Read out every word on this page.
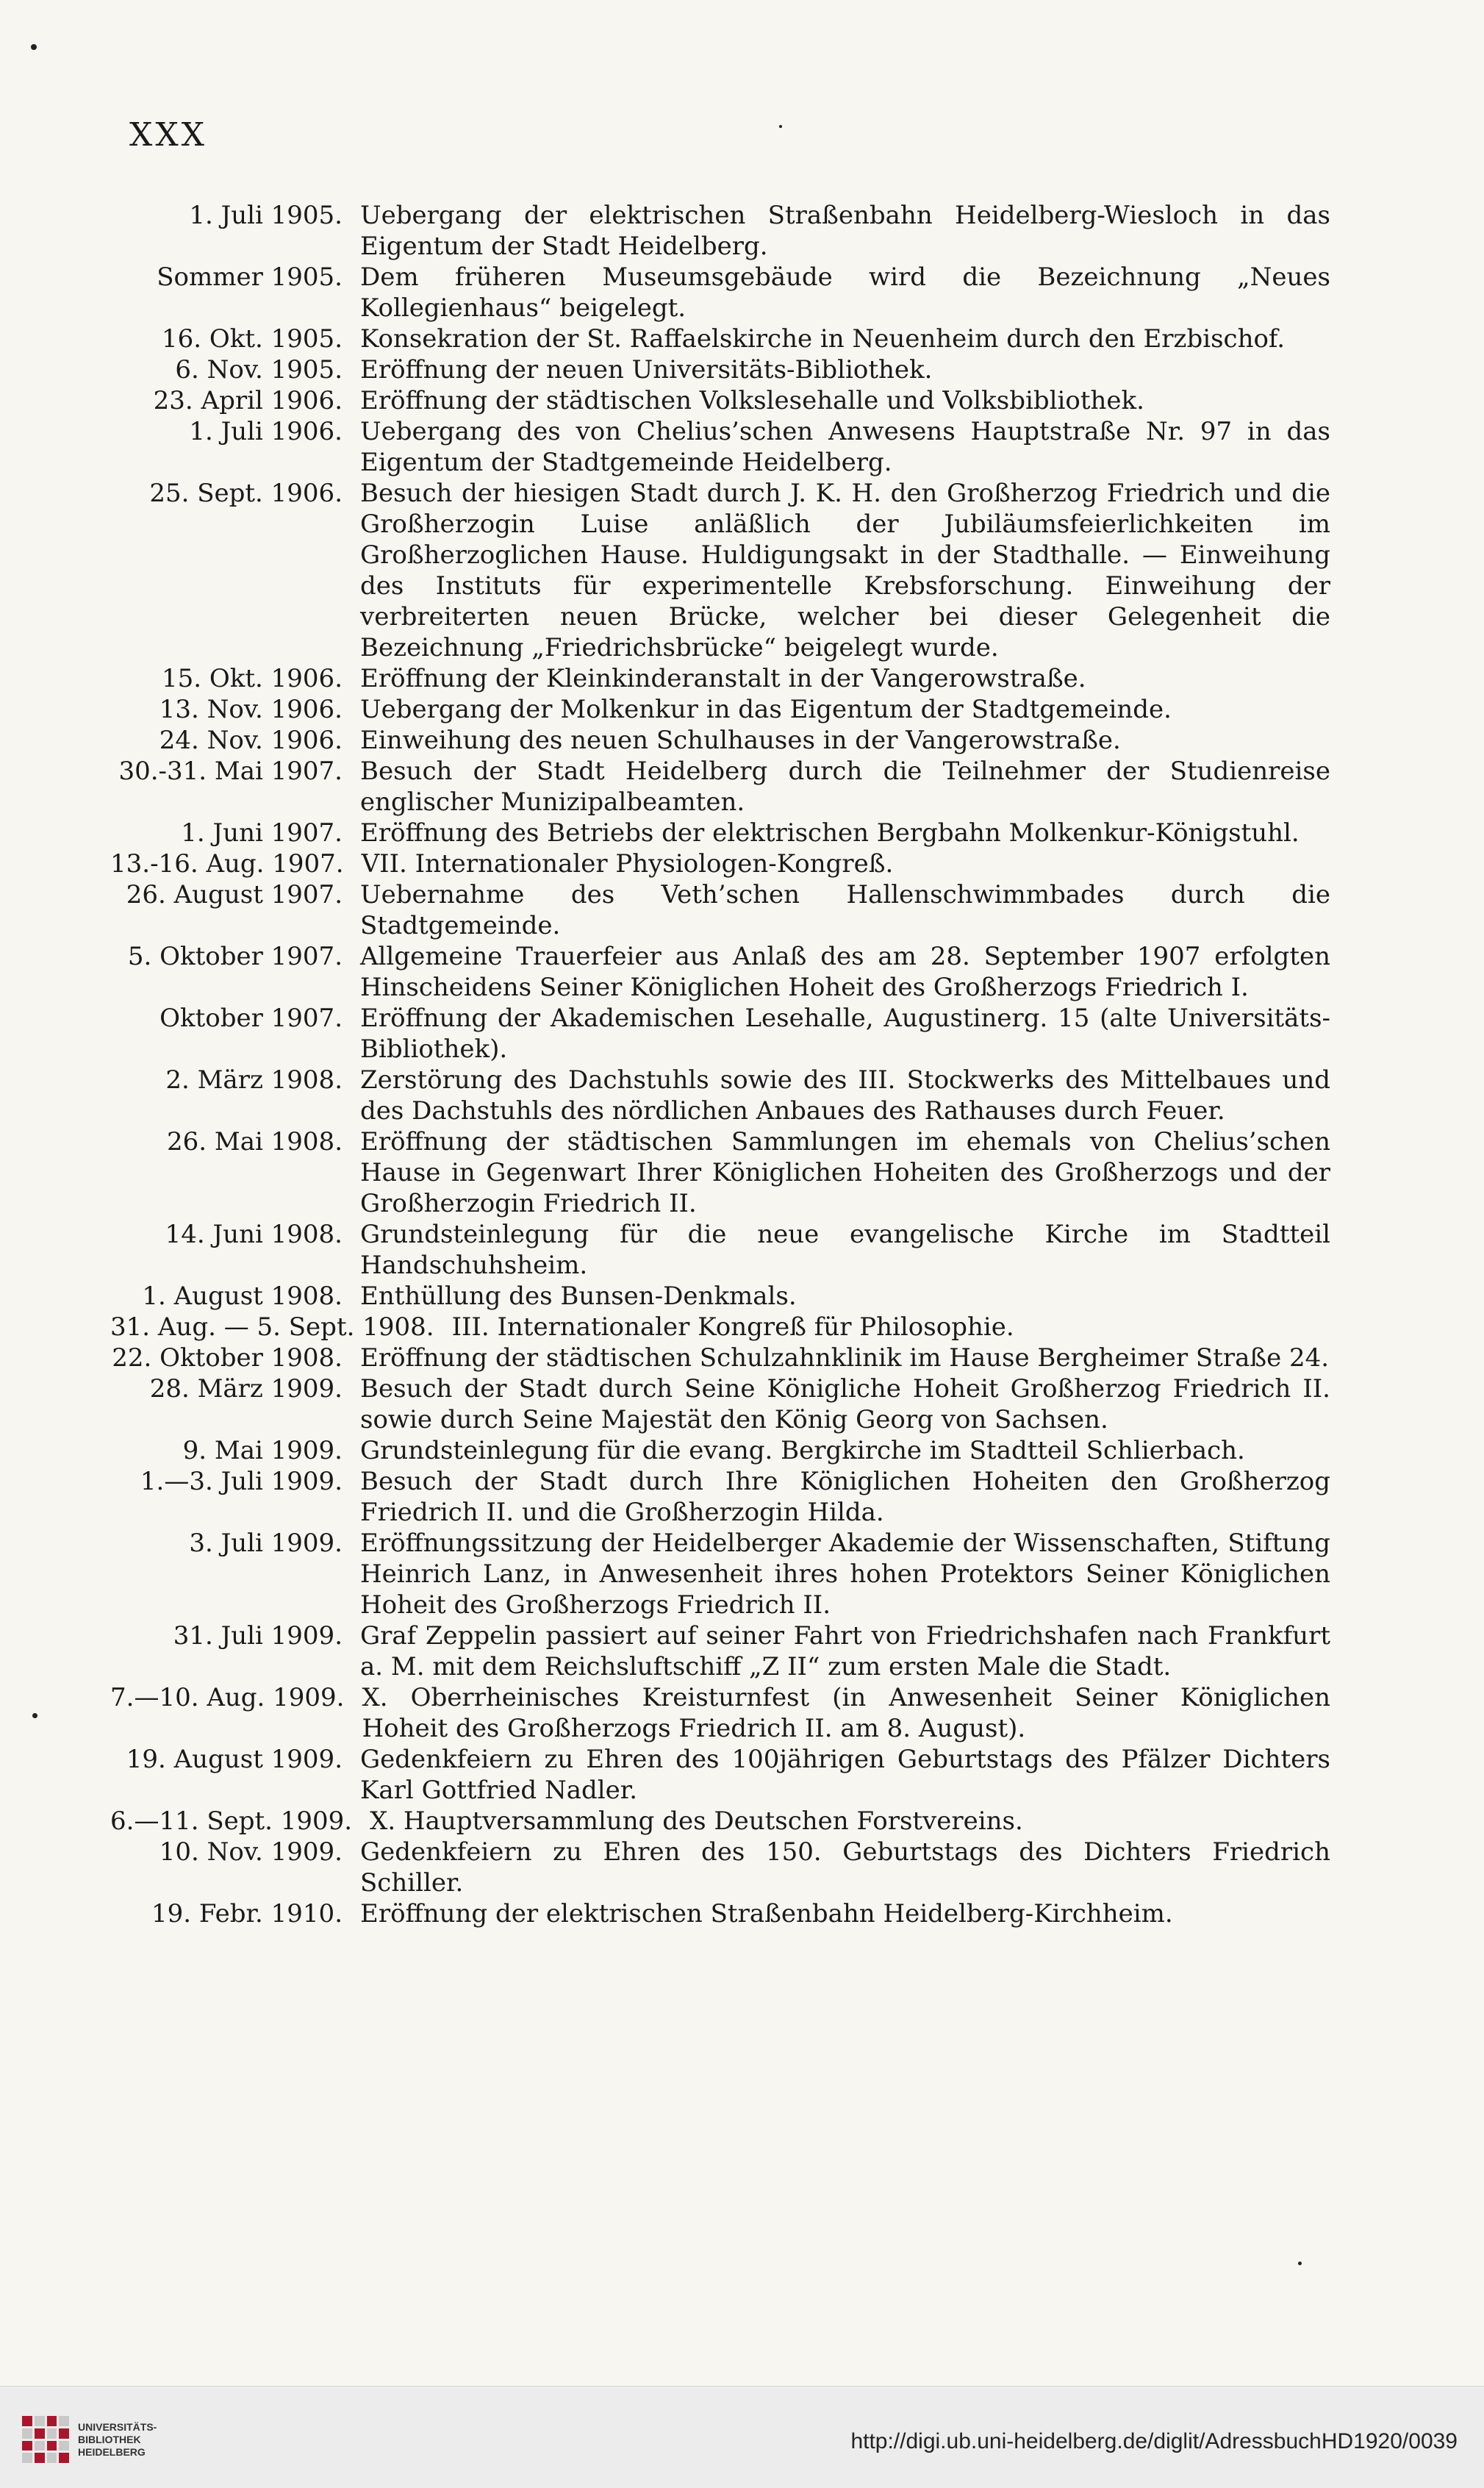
XXX
1. Juli 1905. Uebergang der elektrischen Straßenbahn Heidelberg-Wiesloch in das Eigentum der Stadt Heidelberg.
Sommer 1905. Dem früheren Museumsgebäude wird die Bezeichnung „Neues Kollegienhaus“ beigelegt.
16. Okt. 1905. Konsekration der St. Raffaelskirche in Neuenheim durch den Erzbischof.
6. Nov. 1905. Eröffnung der neuen Universitäts-Bibliothek.
23. April 1906. Eröffnung der städtischen Volkslesehalle und Volksbibliothek.
1. Juli 1906. Uebergang des von Chelius’schen Anwesens Hauptstraße Nr. 97 in das Eigentum der Stadtgemeinde Heidelberg.
25. Sept. 1906. Besuch der hiesigen Stadt durch J. K. H. den Großherzog Friedrich und die Großherzogin Luise anläßlich der Jubiläumsfeierlichkeiten im Großherzoglichen Hause. Huldigungsakt in der Stadthalle. — Einweihung des Instituts für experimentelle Krebsforschung. Einweihung der verbreiterten neuen Brücke, welcher bei dieser Gelegenheit die Bezeichnung „Friedrichsbrücke“ beigelegt wurde.
15. Okt. 1906. Eröffnung der Kleinkinderanstalt in der Vangerowstraße.
13. Nov. 1906. Uebergang der Molkenkur in das Eigentum der Stadtgemeinde.
24. Nov. 1906. Einweihung des neuen Schulhauses in der Vangerowstraße.
30.-31. Mai 1907. Besuch der Stadt Heidelberg durch die Teilnehmer der Studienreise englischer Munizipalbeamten.
1. Juni 1907. Eröffnung des Betriebs der elektrischen Bergbahn Molkenkur-Königstuhl.
13.-16. Aug. 1907. VII. Internationaler Physiologen-Kongreß.
26. August 1907. Uebernahme des Veth’schen Hallenschwimmbades durch die Stadtgemeinde.
5. Oktober 1907. Allgemeine Trauerfeier aus Anlaß des am 28. September 1907 erfolgten Hinscheidens Seiner Königlichen Hoheit des Großherzogs Friedrich I.
Oktober 1907. Eröffnung der Akademischen Lesehalle, Augustinerg. 15 (alte Universitäts-Bibliothek).
2. März 1908. Zerstörung des Dachstuhls sowie des III. Stockwerks des Mittelbaues und des Dachstuhls des nördlichen Anbaues des Rathauses durch Feuer.
26. Mai 1908. Eröffnung der städtischen Sammlungen im ehemals von Chelius’schen Hause in Gegenwart Ihrer Königlichen Hoheiten des Großherzogs und der Großherzogin Friedrich II.
14. Juni 1908. Grundsteinlegung für die neue evangelische Kirche im Stadtteil Handschuhsheim.
1. August 1908. Enthüllung des Bunsen-Denkmals.
31. Aug. — 5. Sept. 1908. III. Internationaler Kongreß für Philosophie.
22. Oktober 1908. Eröffnung der städtischen Schulzahnklinik im Hause Bergheimer Straße 24.
28. März 1909. Besuch der Stadt durch Seine Königliche Hoheit Großherzog Friedrich II. sowie durch Seine Majestät den König Georg von Sachsen.
9. Mai 1909. Grundsteinlegung für die evang. Bergkirche im Stadtteil Schlierbach.
1.—3. Juli 1909. Besuch der Stadt durch Ihre Königlichen Hoheiten den Großherzog Friedrich II. und die Großherzogin Hilda.
3. Juli 1909. Eröffnungssitzung der Heidelberger Akademie der Wissenschaften, Stiftung Heinrich Lanz, in Anwesenheit ihres hohen Protektors Seiner Königlichen Hoheit des Großherzogs Friedrich II.
31. Juli 1909. Graf Zeppelin passiert auf seiner Fahrt von Friedrichshafen nach Frankfurt a. M. mit dem Reichsluftschiff „Z II“ zum ersten Male die Stadt.
7.—10. Aug. 1909. X. Oberrheinisches Kreisturnfest (in Anwesenheit Seiner Königlichen Hoheit des Großherzogs Friedrich II. am 8. August).
19. August 1909. Gedenkfeiern zu Ehren des 100jährigen Geburtstags des Pfälzer Dichters Karl Gottfried Nadler.
6.—11. Sept. 1909. X. Hauptversammlung des Deutschen Forstvereins.
10. Nov. 1909. Gedenkfeiern zu Ehren des 150. Geburtstags des Dichters Friedrich Schiller.
19. Febr. 1910. Eröffnung der elektrischen Straßenbahn Heidelberg-Kirchheim.
UNIVERSITÄTS-
BIBLIOTHEK
HEIDELBERG	http://digi.ub.uni-heidelberg.de/diglit/AdressbuchHD1920/0039
